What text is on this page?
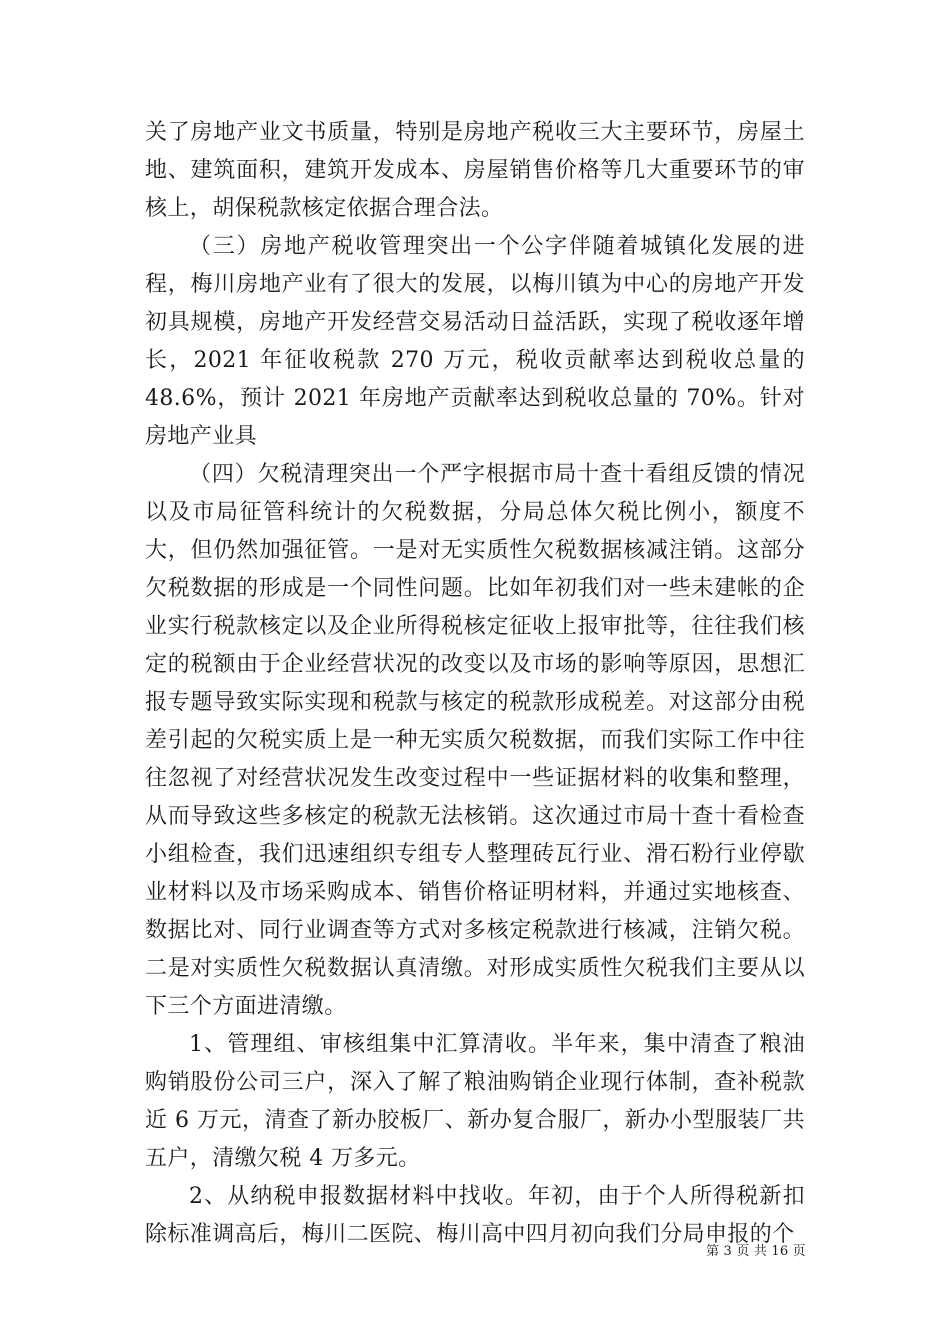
关了房地产业文书质量，特别是房地产税收三大主要环节，房屋土地、建筑面积，建筑开发成本、房屋销售价格等几大重要环节的审核上，胡保税款核定依据合理合法。

（三）房地产税收管理突出一个公字伴随着城镇化发展的进程，梅川房地产业有了很大的发展，以梅川镇为中心的房地产开发初具规模，房地产开发经营交易活动日益活跃，实现了税收逐年增长，2021 年征收税款 270 万元，税收贡献率达到税收总量的 48.6%，预计 2021 年房地产贡献率达到税收总量的 70%。针对房地产业具

（四）欠税清理突出一个严字根据市局十查十看组反馈的情况以及市局征管科统计的欠税数据，分局总体欠税比例小，额度不大，但仍然加强征管。一是对无实质性欠税数据核减注销。这部分欠税数据的形成是一个同性问题。比如年初我们对一些未建帐的企业实行税款核定以及企业所得税核定征收上报审批等，往往我们核定的税额由于企业经营状况的改变以及市场的影响等原因，思想汇报专题导致实际实现和税款与核定的税款形成税差。对这部分由税差引起的欠税实质上是一种无实质欠税数据，而我们实际工作中往往忽视了对经营状况发生改变过程中一些证据材料的收集和整理，从而导致这些多核定的税款无法核销。这次通过市局十查十看检查小组检查，我们迅速组织专组专人整理砖瓦行业、滑石粉行业停歇业材料以及市场采购成本、销售价格证明材料，并通过实地核查、数据比对、同行业调查等方式对多核定税款进行核减，注销欠税。二是对实质性欠税数据认真清缴。对形成实质性欠税我们主要从以下三个方面进清缴。

1、管理组、审核组集中汇算清收。半年来，集中清查了粮油购销股份公司三户，深入了解了粮油购销企业现行体制，查补税款近 6 万元，清查了新办胶板厂、新办复合服厂，新办小型服装厂共五户，清缴欠税 4 万多元。

2、从纳税申报数据材料中找收。年初，由于个人所得税新扣除标准调高后，梅川二医院、梅川高中四月初向我们分局申报的个

第 3 页 共 16 页
